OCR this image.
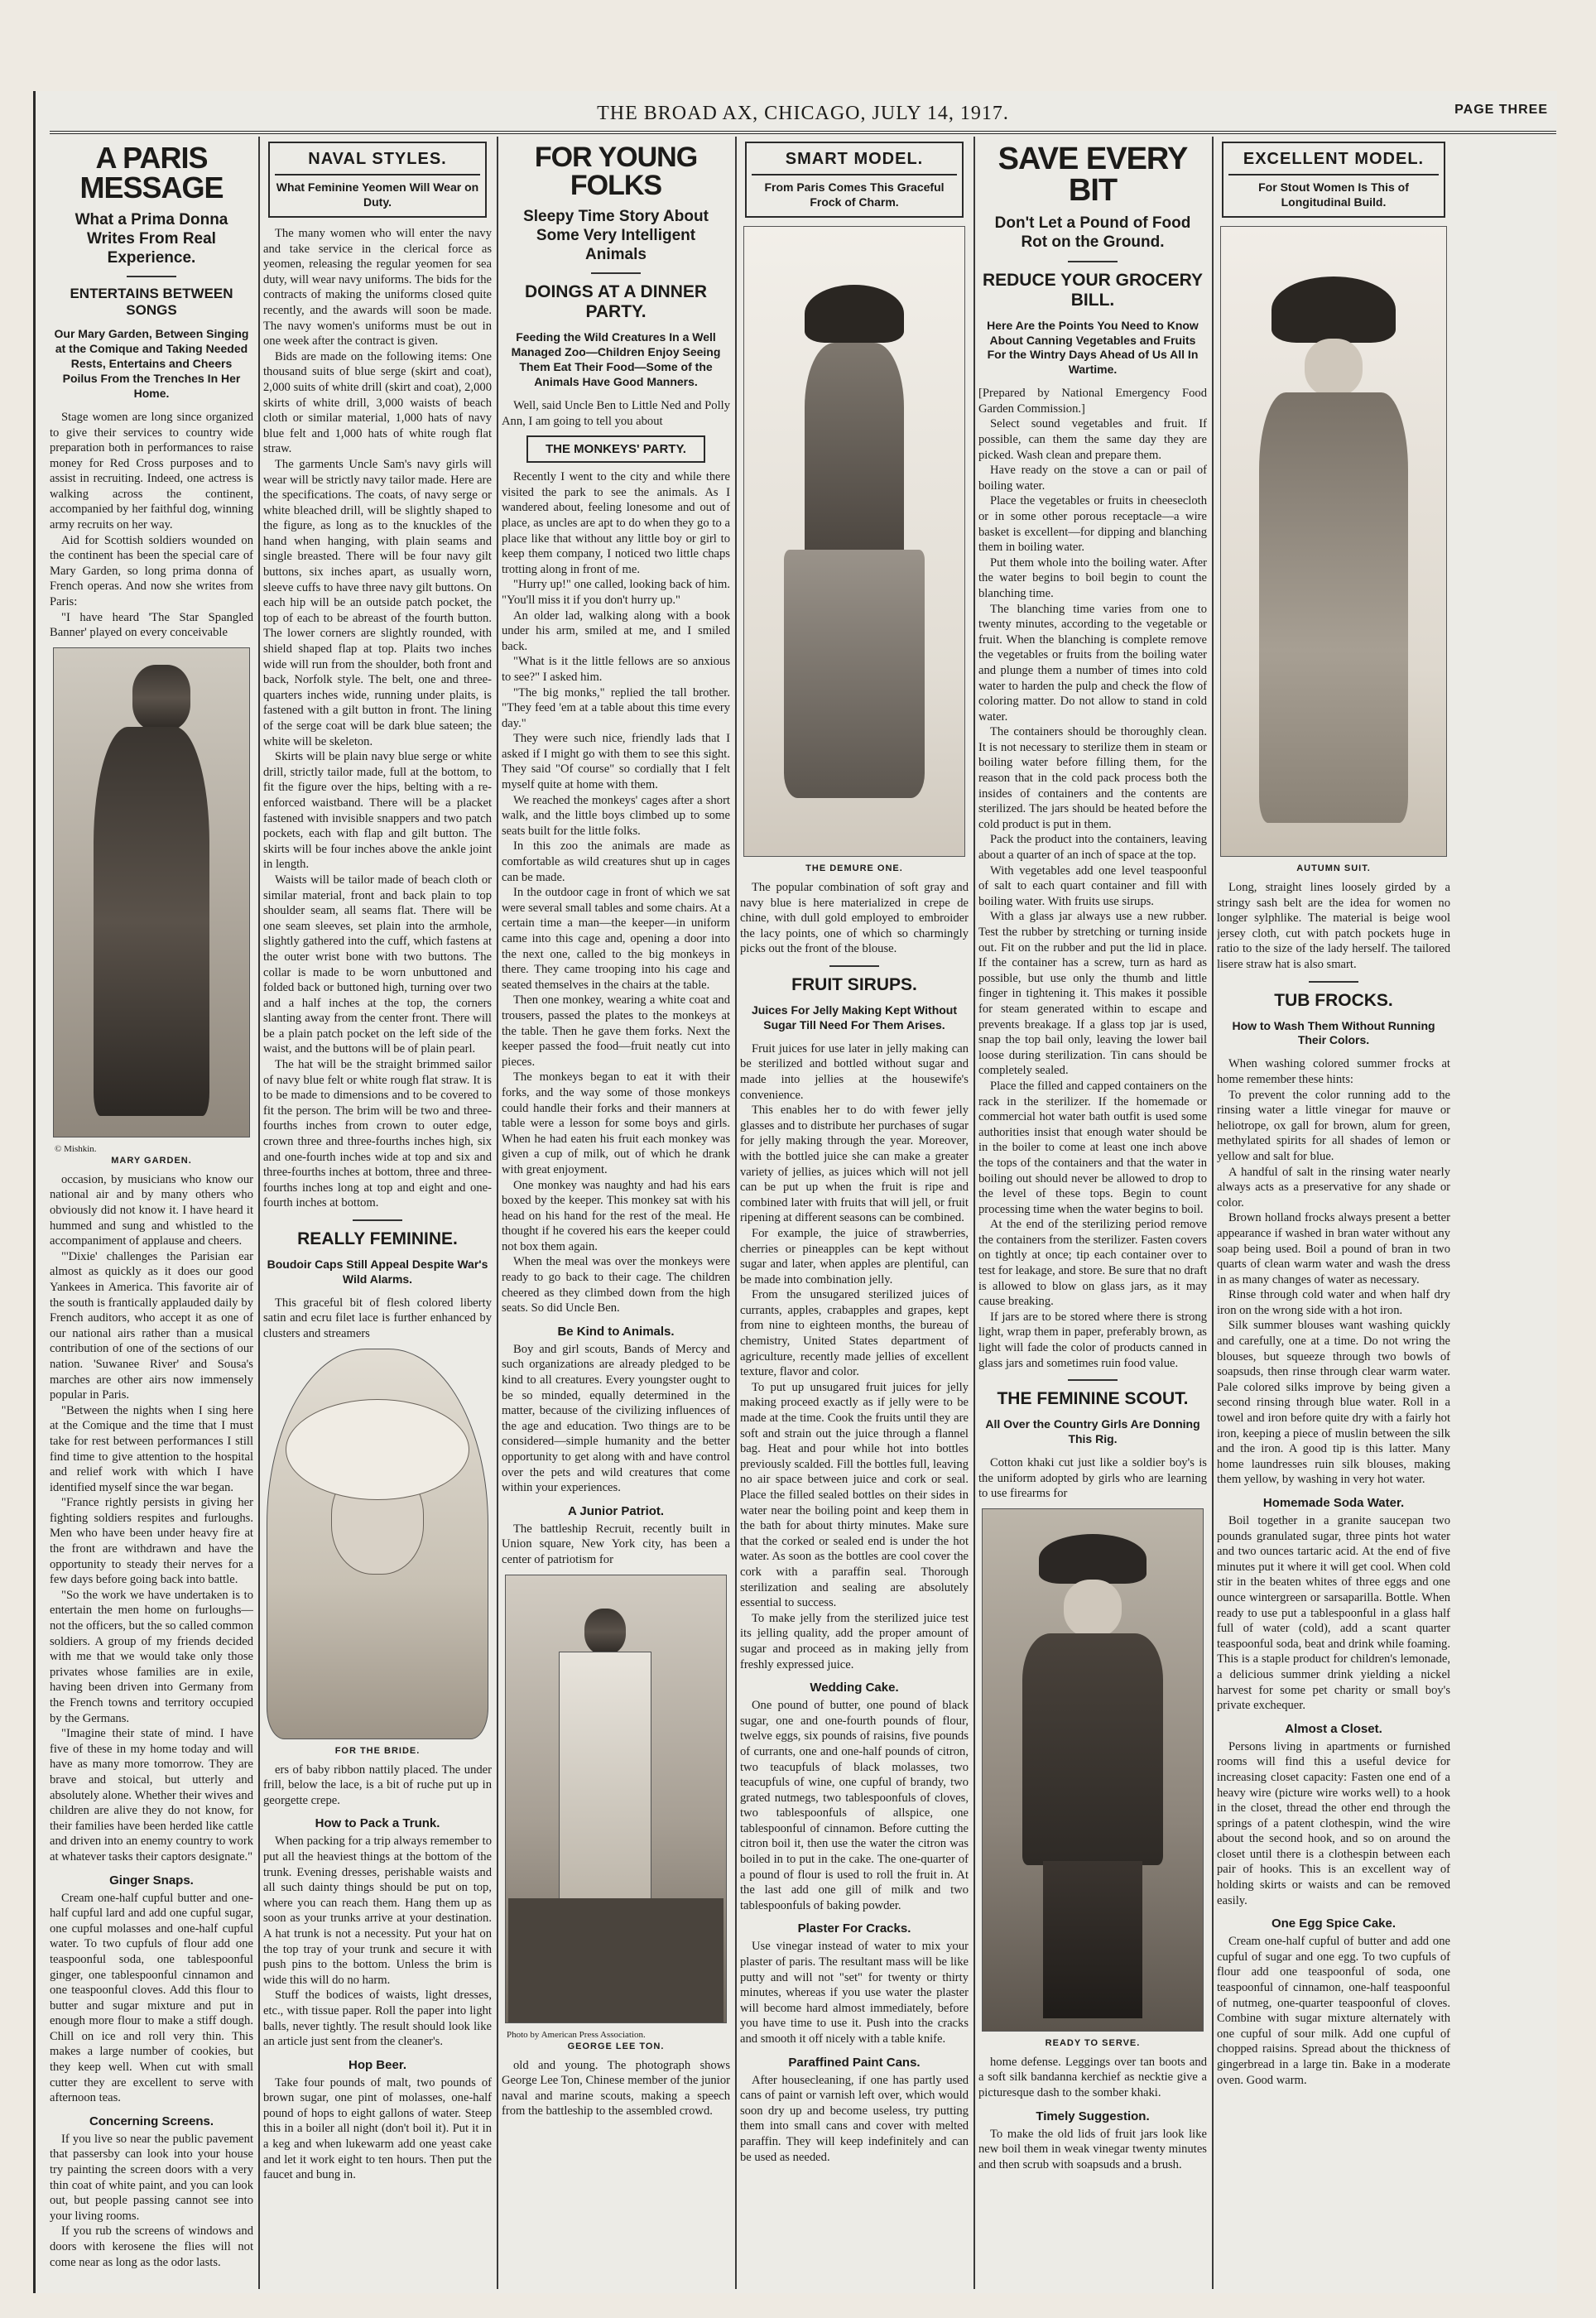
THE BROAD AX, CHICAGO, JULY 14, 1917.	PAGE THREE
A PARIS MESSAGE
What a Prima Donna Writes From Real Experience.
ENTERTAINS BETWEEN SONGS
Our Mary Garden, Between Singing at the Comique and Taking Needed Rests, Entertains and Cheers Poilus From the Trenches In Her Home.

Stage women are long since organized to give their services to country wide preparation both in performances to raise money for Red Cross purposes and to assist in recruiting. Indeed, one actress is walking across the continent, accompanied by her faithful dog, winning army recruits on her way.

Aid for Scottish soldiers wounded on the continent has been the special care of Mary Garden, so long prima donna of French operas. And now she writes from Paris:

"I have heard 'The Star Spangled Banner' played on every conceivable

© Mishkin.
MARY GARDEN.

occasion, by musicians who know our national air and by many others who obviously did not know it. I have heard it hummed and sung and whistled to the accompaniment of applause and cheers.

"'Dixie' challenges the Parisian ear almost as quickly as it does our good Yankees in America. This favorite air of the south is frantically applauded daily by French auditors, who accept it as one of our national airs rather than a musical contribution of one of the sections of our nation. 'Suwanee River' and Sousa's marches are other airs now immensely popular in Paris.

"Between the nights when I sing here at the Comique and the time that I must take for rest between performances I still find time to give attention to the hospital and relief work with which I have identified myself since the war began.

"France rightly persists in giving her fighting soldiers respites and furloughs. Men who have been under heavy fire at the front are withdrawn and have the opportunity to steady their nerves for a few days before going back into battle.

"So the work we have undertaken is to entertain the men home on furloughs—not the officers, but the so called common soldiers. A group of my friends decided with me that we would take only those privates whose families are in exile, having been driven into Germany from the French towns and territory occupied by the Germans.

"Imagine their state of mind. I have five of these in my home today and will have as many more tomorrow. They are brave and stoical, but utterly and absolutely alone. Whether their wives and children are alive they do not know, for their families have been herded like cattle and driven into an enemy country to work at whatever tasks their captors designate."

Ginger Snaps.

Cream one-half cupful butter and one-half cupful lard and add one cupful sugar, one cupful molasses and one-half cupful water. To two cupfuls of flour add one teaspoonful soda, one tablespoonful ginger, one tablespoonful cinnamon and one teaspoonful cloves. Add this flour to butter and sugar mixture and put in enough more flour to make a stiff dough. Chill on ice and roll very thin. This makes a large number of cookies, but they keep well. When cut with small cutter they are excellent to serve with afternoon teas.

Concerning Screens.

If you live so near the public pavement that passersby can look into your house try painting the screen doors with a very thin coat of white paint, and you can look out, but people passing cannot see into your living rooms.

If you rub the screens of windows and doors with kerosene the flies will not come near as long as the odor lasts.

NAVAL STYLES.
What Feminine Yeomen Will Wear on Duty.

The many women who will enter the navy and take service in the clerical force as yeomen, releasing the regular yeomen for sea duty, will wear navy uniforms. The bids for the contracts of making the uniforms closed quite recently, and the awards will soon be made. The navy women's uniforms must be out in one week after the contract is given.

Bids are made on the following items: One thousand suits of blue serge (skirt and coat), 2,000 suits of white drill (skirt and coat), 2,000 skirts of white drill, 3,000 waists of beach cloth or similar material, 1,000 hats of navy blue felt and 1,000 hats of white rough flat straw.

The garments Uncle Sam's navy girls will wear will be strictly navy tailor made. Here are the specifications. The coats, of navy serge or white bleached drill, will be slightly shaped to the figure, as long as to the knuckles of the hand when hanging, with plain seams and single breasted. There will be four navy gilt buttons, six inches apart, as usually worn, sleeve cuffs to have three navy gilt buttons. On each hip will be an outside patch pocket, the top of each to be abreast of the fourth button. The lower corners are slightly rounded, with shield shaped flap at top. Plaits two inches wide will run from the shoulder, both front and back, Norfolk style. The belt, one and three-quarters inches wide, running under plaits, is fastened with a gilt button in front. The lining of the serge coat will be dark blue sateen; the white will be skeleton.

Skirts will be plain navy blue serge or white drill, strictly tailor made, full at the bottom, to fit the figure over the hips, belting with a re-enforced waistband. There will be a placket fastened with invisible snappers and two patch pockets, each with flap and gilt button. The skirts will be four inches above the ankle joint in length.

Waists will be tailor made of beach cloth or similar material, front and back plain to top shoulder seam, all seams flat. There will be one seam sleeves, set plain into the armhole, slightly gathered into the cuff, which fastens at the outer wrist bone with two buttons. The collar is made to be worn unbuttoned and folded back or buttoned high, turning over two and a half inches at the top, the corners slanting away from the center front. There will be a plain patch pocket on the left side of the waist, and the buttons will be of plain pearl.

The hat will be the straight brimmed sailor of navy blue felt or white rough flat straw. It is to be made to dimensions and to be covered to fit the person. The brim will be two and three-fourths inches from crown to outer edge, crown three and three-fourths inches high, six and one-fourth inches wide at top and six and three-fourths inches at bottom, three and three-fourths inches long at top and eight and one-fourth inches at bottom.

REALLY FEMININE.
Boudoir Caps Still Appeal Despite War's Wild Alarms.

This graceful bit of flesh colored liberty satin and ecru filet lace is further enhanced by clusters and streamers

FOR THE BRIDE.

ers of baby ribbon nattily placed. The under frill, below the lace, is a bit of ruche put up in georgette crepe.

How to Pack a Trunk.

When packing for a trip always remember to put all the heaviest things at the bottom of the trunk. Evening dresses, perishable waists and all such dainty things should be put on top, where you can reach them. Hang them up as soon as your trunks arrive at your destination. A hat trunk is not a necessity. Put your hat on the top tray of your trunk and secure it with push pins to the bottom. Unless the brim is wide this will do no harm.

Stuff the bodices of waists, light dresses, etc., with tissue paper. Roll the paper into light balls, never tightly. The result should look like an article just sent from the cleaner's.

Hop Beer.

Take four pounds of malt, two pounds of brown sugar, one pint of molasses, one-half pound of hops to eight gallons of water. Steep this in a boiler all night (don't boil it). Put it in a keg and when lukewarm add one yeast cake and let it work eight to ten hours. Then put the faucet and bung in.

FOR YOUNG FOLKS
Sleepy Time Story About Some Very Intelligent Animals
DOINGS AT A DINNER PARTY.
Feeding the Wild Creatures In a Well Managed Zoo—Children Enjoy Seeing Them Eat Their Food—Some of the Animals Have Good Manners.

Well, said Uncle Ben to Little Ned and Polly Ann, I am going to tell you about

THE MONKEYS' PARTY.

Recently I went to the city and while there visited the park to see the animals. As I wandered about, feeling lonesome and out of place, as uncles are apt to do when they go to a place like that without any little boy or girl to keep them company, I noticed two little chaps trotting along in front of me.

"Hurry up!" one called, looking back of him. "You'll miss it if you don't hurry up."

An older lad, walking along with a book under his arm, smiled at me, and I smiled back.

"What is it the little fellows are so anxious to see?" I asked him.

"The big monks," replied the tall brother. "They feed 'em at a table about this time every day."

They were such nice, friendly lads that I asked if I might go with them to see this sight. They said "Of course" so cordially that I felt myself quite at home with them.

We reached the monkeys' cages after a short walk, and the little boys climbed up to some seats built for the little folks.

In this zoo the animals are made as comfortable as wild creatures shut up in cages can be made.

In the outdoor cage in front of which we sat were several small tables and some chairs. At a certain time a man—the keeper—in uniform came into this cage and, opening a door into the next one, called to the big monkeys in there. They came trooping into his cage and seated themselves in the chairs at the table.

Then one monkey, wearing a white coat and trousers, passed the plates to the monkeys at the table. Then he gave them forks. Next the keeper passed the food—fruit neatly cut into pieces.

The monkeys began to eat it with their forks, and the way some of those monkeys could handle their forks and their manners at table were a lesson for some boys and girls. When he had eaten his fruit each monkey was given a cup of milk, out of which he drank with great enjoyment.

One monkey was naughty and had his ears boxed by the keeper. This monkey sat with his head on his hand for the rest of the meal. He thought if he covered his ears the keeper could not box them again.

When the meal was over the monkeys were ready to go back to their cage. The children cheered as they climbed down from the high seats. So did Uncle Ben.

Be Kind to Animals.

Boy and girl scouts, Bands of Mercy and such organizations are already pledged to be kind to all creatures. Every youngster ought to be so minded, equally determined in the matter, because of the civilizing influences of the age and education. Two things are to be considered—simple humanity and the better opportunity to get along with and have control over the pets and wild creatures that come within your experiences.

A Junior Patriot.

The battleship Recruit, recently built in Union square, New York city, has been a center of patriotism for

Photo by American Press Association.
GEORGE LEE TON.

old and young. The photograph shows George Lee Ton, Chinese member of the junior naval and marine scouts, making a speech from the battleship to the assembled crowd.

SMART MODEL.
From Paris Comes This Graceful Frock of Charm.
THE DEMURE ONE.

The popular combination of soft gray and navy blue is here materialized in crepe de chine, with dull gold employed to embroider the lacy points, one of which so charmingly picks out the front of the blouse.

FRUIT SIRUPS.
Juices For Jelly Making Kept Without Sugar Till Need For Them Arises.

Fruit juices for use later in jelly making can be sterilized and bottled without sugar and made into jellies at the housewife's convenience.

This enables her to do with fewer jelly glasses and to distribute her purchases of sugar for jelly making through the year. Moreover, with the bottled juice she can make a greater variety of jellies, as juices which will not jell can be put up when the fruit is ripe and combined later with fruits that will jell, or fruit ripening at different seasons can be combined.

For example, the juice of strawberries, cherries or pineapples can be kept without sugar and later, when apples are plentiful, can be made into combination jelly.

From the unsugared sterilized juices of currants, apples, crabapples and grapes, kept from nine to eighteen months, the bureau of chemistry, United States department of agriculture, recently made jellies of excellent texture, flavor and color.

To put up unsugared fruit juices for jelly making proceed exactly as if jelly were to be made at the time. Cook the fruits until they are soft and strain out the juice through a flannel bag. Heat and pour while hot into bottles previously scalded. Fill the bottles full, leaving no air space between juice and cork or seal. Place the filled sealed bottles on their sides in water near the boiling point and keep them in the bath for about thirty minutes. Make sure that the corked or sealed end is under the hot water. As soon as the bottles are cool cover the cork with a paraffin seal. Thorough sterilization and sealing are absolutely essential to success.

To make jelly from the sterilized juice test its jelling quality, add the proper amount of sugar and proceed as in making jelly from freshly expressed juice.

Wedding Cake.

One pound of butter, one pound of black sugar, one and one-fourth pounds of flour, twelve eggs, six pounds of raisins, five pounds of currants, one and one-half pounds of citron, two teacupfuls of black molasses, two teacupfuls of wine, one cupful of brandy, two grated nutmegs, two tablespoonfuls of cloves, two tablespoonfuls of allspice, one tablespoonful of cinnamon. Before cutting the citron boil it, then use the water the citron was boiled in to put in the cake. The one-quarter of a pound of flour is used to roll the fruit in. At the last add one gill of milk and two tablespoonfuls of baking powder.

Plaster For Cracks.

Use vinegar instead of water to mix your plaster of paris. The resultant mass will be like putty and will not "set" for twenty or thirty minutes, whereas if you use water the plaster will become hard almost immediately, before you have time to use it. Push into the cracks and smooth it off nicely with a table knife.

Paraffined Paint Cans.

After housecleaning, if one has partly used cans of paint or varnish left over, which would soon dry up and become useless, try putting them into small cans and cover with melted paraffin. They will keep indefinitely and can be used as needed.

SAVE EVERY BIT
Don't Let a Pound of Food Rot on the Ground.
REDUCE YOUR GROCERY BILL.
Here Are the Points You Need to Know About Canning Vegetables and Fruits For the Wintry Days Ahead of Us All In Wartime.

[Prepared by National Emergency Food Garden Commission.]

Select sound vegetables and fruit. If possible, can them the same day they are picked. Wash clean and prepare them.

Have ready on the stove a can or pail of boiling water.

Place the vegetables or fruits in cheesecloth or in some other porous receptacle—a wire basket is excellent—for dipping and blanching them in boiling water.

Put them whole into the boiling water. After the water begins to boil begin to count the blanching time.

The blanching time varies from one to twenty minutes, according to the vegetable or fruit. When the blanching is complete remove the vegetables or fruits from the boiling water and plunge them a number of times into cold water to harden the pulp and check the flow of coloring matter. Do not allow to stand in cold water.

The containers should be thoroughly clean. It is not necessary to sterilize them in steam or boiling water before filling them, for the reason that in the cold pack process both the insides of containers and the contents are sterilized. The jars should be heated before the cold product is put in them.

Pack the product into the containers, leaving about a quarter of an inch of space at the top.

With vegetables add one level teaspoonful of salt to each quart container and fill with boiling water. With fruits use sirups.

With a glass jar always use a new rubber. Test the rubber by stretching or turning inside out. Fit on the rubber and put the lid in place. If the container has a screw, turn as hard as possible, but use only the thumb and little finger in tightening it. This makes it possible for steam generated within to escape and prevents breakage. If a glass top jar is used, snap the top bail only, leaving the lower bail loose during sterilization. Tin cans should be completely sealed.

Place the filled and capped containers on the rack in the sterilizer. If the homemade or commercial hot water bath outfit is used some authorities insist that enough water should be in the boiler to come at least one inch above the tops of the containers and that the water in boiling out should never be allowed to drop to the level of these tops. Begin to count processing time when the water begins to boil.

At the end of the sterilizing period remove the containers from the sterilizer. Fasten covers on tightly at once; tip each container over to test for leakage, and store. Be sure that no draft is allowed to blow on glass jars, as it may cause breaking.

If jars are to be stored where there is strong light, wrap them in paper, preferably brown, as light will fade the color of products canned in glass jars and sometimes ruin food value.

THE FEMININE SCOUT.
All Over the Country Girls Are Donning This Rig.

Cotton khaki cut just like a soldier boy's is the uniform adopted by girls who are learning to use firearms for

READY TO SERVE.

home defense. Leggings over tan boots and a soft silk bandanna kerchief as necktie give a picturesque dash to the somber khaki.

Timely Suggestion.

To make the old lids of fruit jars look like new boil them in weak vinegar twenty minutes and then scrub with soapsuds and a brush.

EXCELLENT MODEL.
For Stout Women Is This of Longitudinal Build.
AUTUMN SUIT.

Long, straight lines loosely girded by a stringy sash belt are the idea for women no longer sylphlike. The material is beige wool jersey cloth, cut with patch pockets huge in ratio to the size of the lady herself. The tailored lisere straw hat is also smart.

TUB FROCKS.
How to Wash Them Without Running Their Colors.

When washing colored summer frocks at home remember these hints:

To prevent the color running add to the rinsing water a little vinegar for mauve or heliotrope, ox gall for brown, alum for green, methylated spirits for all shades of lemon or yellow and salt for blue.

A handful of salt in the rinsing water nearly always acts as a preservative for any shade or color.

Brown holland frocks always present a better appearance if washed in bran water without any soap being used. Boil a pound of bran in two quarts of clean warm water and wash the dress in as many changes of water as necessary.

Rinse through cold water and when half dry iron on the wrong side with a hot iron.

Silk summer blouses want washing quickly and carefully, one at a time. Do not wring the blouses, but squeeze through two bowls of soapsuds, then rinse through clear warm water. Pale colored silks improve by being given a second rinsing through blue water. Roll in a towel and iron before quite dry with a fairly hot iron, keeping a piece of muslin between the silk and the iron. A good tip is this latter. Many home laundresses ruin silk blouses, making them yellow, by washing in very hot water.

Homemade Soda Water.

Boil together in a granite saucepan two pounds granulated sugar, three pints hot water and two ounces tartaric acid. At the end of five minutes put it where it will get cool. When cold stir in the beaten whites of three eggs and one ounce wintergreen or sarsaparilla. Bottle. When ready to use put a tablespoonful in a glass half full of water (cold), add a scant quarter teaspoonful soda, beat and drink while foaming. This is a staple product for children's lemonade, a delicious summer drink yielding a nickel harvest for some pet charity or small boy's private exchequer.

Almost a Closet.

Persons living in apartments or furnished rooms will find this a useful device for increasing closet capacity: Fasten one end of a heavy wire (picture wire works well) to a hook in the closet, thread the other end through the springs of a patent clothespin, wind the wire about the second hook, and so on around the closet until there is a clothespin between each pair of hooks. This is an excellent way of holding skirts or waists and can be removed easily.

One Egg Spice Cake.

Cream one-half cupful of butter and add one cupful of sugar and one egg. To two cupfuls of flour add one teaspoonful of soda, one teaspoonful of cinnamon, one-half teaspoonful of nutmeg, one-quarter teaspoonful of cloves. Combine with sugar mixture alternately with one cupful of sour milk. Add one cupful of chopped raisins. Spread about the thickness of gingerbread in a large tin. Bake in a moderate oven. Good warm.
